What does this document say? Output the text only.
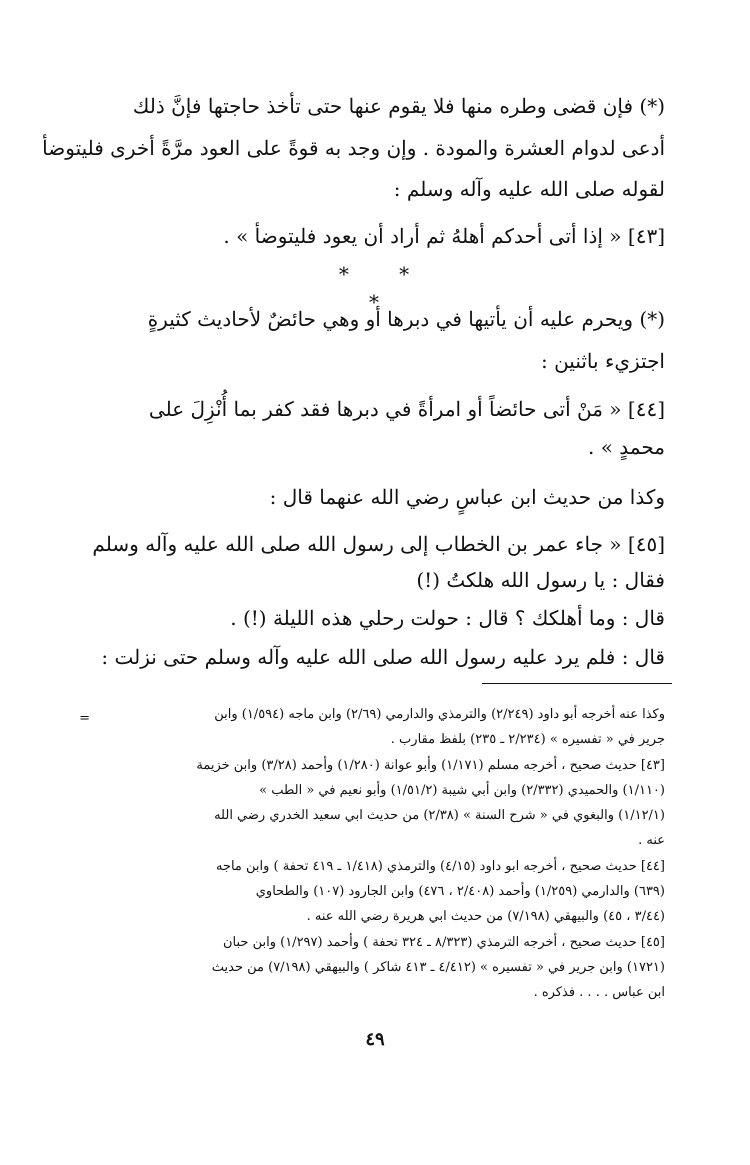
(*) فإن قضى وطره منها فلا يقوم عنها حتى تأخذ حاجتها فإنَّ ذلك
أدعى لدوام العشرة والمودة . وإن وجد به قوةً على العود مرَّةً أخرى فليتوضأ
لقوله صلى الله عليه وآله وسلم :
[٤٣] « إذا أتى أحدكم أهلهُ ثم أراد أن يعود فليتوضأ » .
* * *
(*) ويحرم عليه أن يأتيها في دبرها أو وهي حائضٌ لأحاديث كثيرةٍ
اجتزيء باثنين :
[٤٤] « مَنْ أتى حائضاً أو امرأةً في دبرها فقد كفر بما أُنْزِلَ على
محمدٍ » .
وكذا من حديث ابن عباسٍ رضي الله عنهما قال :
[٤٥] « جاء عمر بن الخطاب إلى رسول الله صلى الله عليه وآله وسلم
فقال : يا رسول الله هلكتُ (!)
قال : وما أهلكك ؟ قال : حولت رحلي هذه الليلة (!) .
قال : فلم يرد عليه رسول الله صلى الله عليه وآله وسلم حتى نزلت :
=	وكذا عنه أخرجه أبو داود (٢/٢٤٩) والترمذي والدارمي (٢/٦٩) وابن ماجه (١/٥٩٤) وابن
جرير في « تفسيره » (٢/٢٣٤ ـ ٢٣٥) بلفظ مقارب .
[٤٣] حديث صحيح ، أخرجه مسلم (١/١٧١) وأبو عوانة (١/٢٨٠) وأحمد (٣/٢٨) وابن خزيمة
(١/١١٠) والحميدي (٢/٣٣٢) وابن أبي شيبة (١/٥١/٢) وأبو نعيم في « الطب »
(١/١٢/١) والبغوي في « شرح السنة » (٢/٣٨) من حديث ابي سعيد الخدري رضي الله
عنه .
[٤٤] حديث صحيح ، أخرجه ابو داود (٤/١٥) والترمذي (١/٤١٨ ـ ٤١٩ تحفة ) وابن ماجه
(٦٣٩) والدارمي (١/٢٥٩) وأحمد (٢/٤٠٨ ، ٤٧٦) وابن الجارود (١٠٧) والطحاوي
(٣/٤٤ ، ٤٥) والبيهقي (٧/١٩٨) من حديث ابي هريرة رضي الله عنه .
[٤٥] حديث صحيح ، أخرجه الترمذي (٨/٣٢٣ ـ ٣٢٤ تحفة ) وأحمد (١/٢٩٧) وابن حبان
(١٧٢١) وابن جرير في « تفسيره » (٤/٤١٢ ـ ٤١٣ شاكر ) والبيهقي (٧/١٩٨) من حديث
ابن عباس . . . . فذكره .
٤٩
